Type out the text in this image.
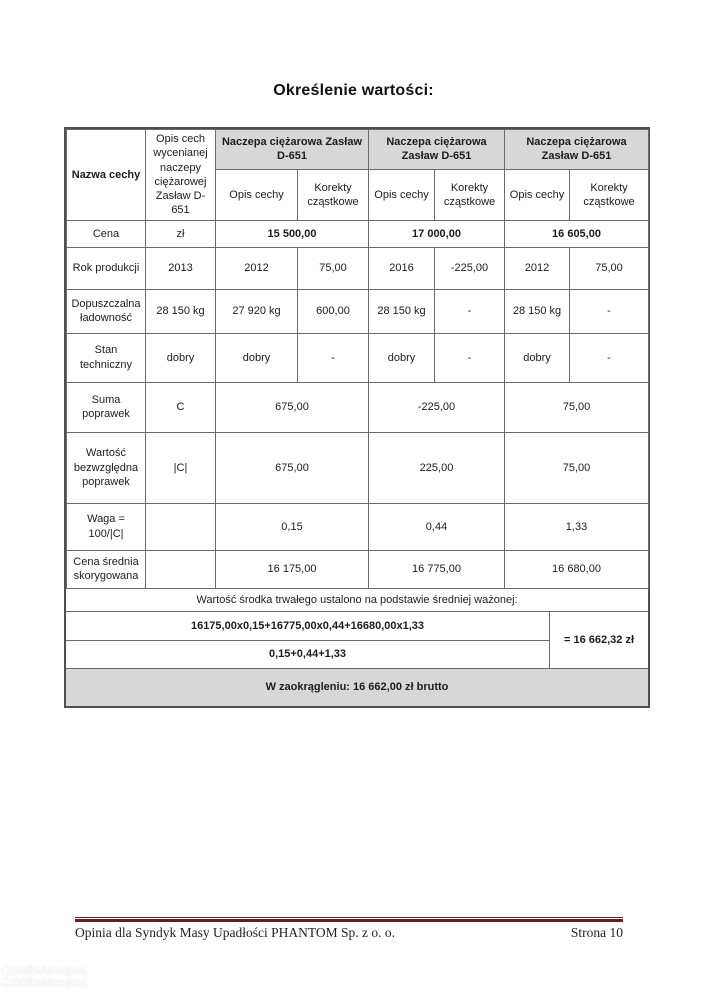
Określenie wartości:
Nazwa cechy	Opis cech wycenianej naczepy ciężarowej Zasław D-651	Naczepa ciężarowa Zasław D-651		Naczepa ciężarowa Zasław D-651		Naczepa ciężarowa Zasław D-651	
		Opis cechy	Korekty cząstkowe	Opis cechy	Korekty cząstkowe	Opis cechy	Korekty cząstkowe
Cena	zł	15 500,00		17 000,00		16 605,00	
Rok produkcji	2013	2012	75,00	2016	-225,00	2012	75,00
Dopuszczalna ładowność	28 150 kg	27 920 kg	600,00	28 150 kg	-	28 150 kg	-
Stan techniczny	dobry	dobry	-	dobry	-	dobry	-
Suma poprawek	C	675,00		-225,00		75,00	
Wartość bezwzględna poprawek	|C|	675,00		225,00		75,00	
Waga = 100/|C|		0,15		0,44		1,33	
Cena średnia skorygowana		16 175,00		16 775,00		16 680,00	
Wartość środka trwałego ustalono na podstawie średniej ważonej:
$\frac{16175,00x0,15+16775,00x0,44+16680,00x1,33}{0,15+0,44+1,33}$	= 16 662,32 zł
W zaokrągleniu: 16 662,00 zł brutto
GSWlbxMmojrcej GSWlbxMmojrcej
Opinia dla Syndyk Masy Upadłości PHANTOM Sp. z o. o.	Strona 10
